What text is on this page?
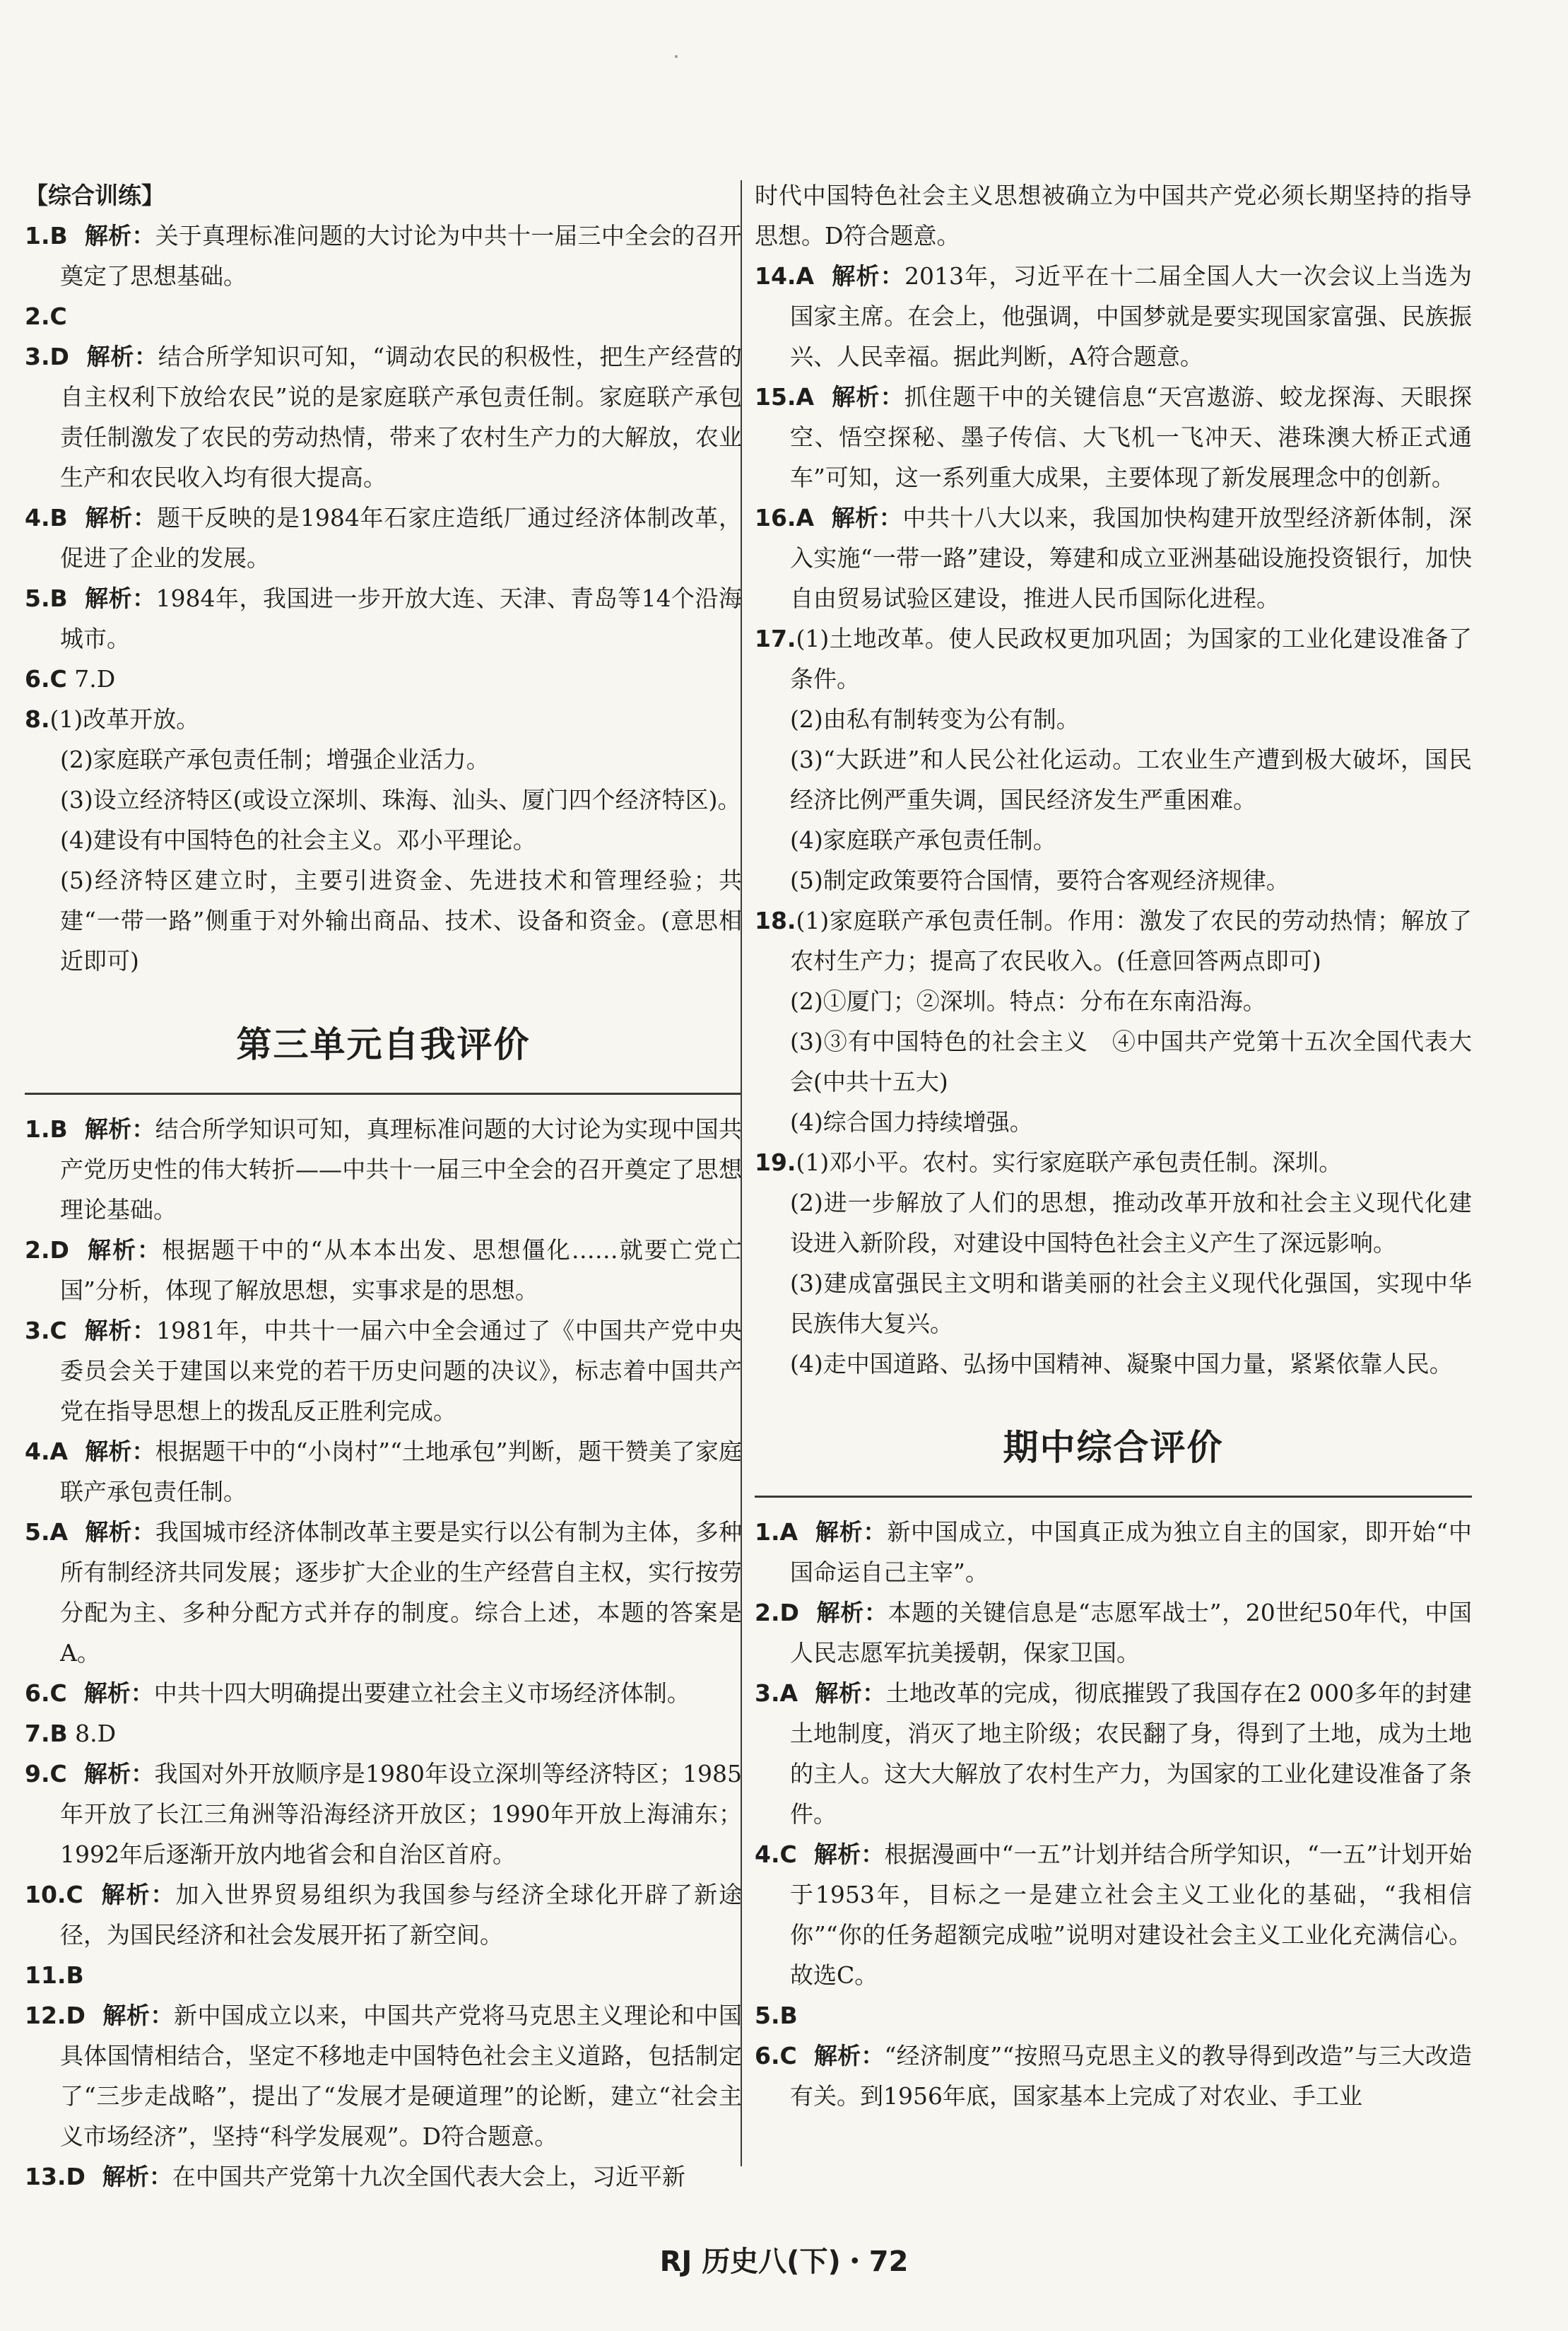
【综合训练】

1.B 解析：关于真理标准问题的大讨论为中共十一届三中全会的召开奠定了思想基础。

2.C

3.D 解析：结合所学知识可知，“调动农民的积极性，把生产经营的自主权利下放给农民”说的是家庭联产承包责任制。家庭联产承包责任制激发了农民的劳动热情，带来了农村生产力的大解放，农业生产和农民收入均有很大提高。

4.B 解析：题干反映的是1984年石家庄造纸厂通过经济体制改革，促进了企业的发展。

5.B 解析：1984年，我国进一步开放大连、天津、青岛等14个沿海城市。

6.C 7.D

8.(1)改革开放。

(2)家庭联产承包责任制；增强企业活力。

(3)设立经济特区(或设立深圳、珠海、汕头、厦门四个经济特区)。

(4)建设有中国特色的社会主义。邓小平理论。

(5)经济特区建立时，主要引进资金、先进技术和管理经验；共建“一带一路”侧重于对外输出商品、技术、设备和资金。(意思相近即可)

第三单元自我评价

1.B 解析：结合所学知识可知，真理标准问题的大讨论为实现中国共产党历史性的伟大转折——中共十一届三中全会的召开奠定了思想理论基础。

2.D 解析：根据题干中的“从本本出发、思想僵化……就要亡党亡国”分析，体现了解放思想，实事求是的思想。

3.C 解析：1981年，中共十一届六中全会通过了《中国共产党中央委员会关于建国以来党的若干历史问题的决议》，标志着中国共产党在指导思想上的拨乱反正胜利完成。

4.A 解析：根据题干中的“小岗村”“土地承包”判断，题干赞美了家庭联产承包责任制。

5.A 解析：我国城市经济体制改革主要是实行以公有制为主体，多种所有制经济共同发展；逐步扩大企业的生产经营自主权，实行按劳分配为主、多种分配方式并存的制度。综合上述，本题的答案是A。

6.C 解析：中共十四大明确提出要建立社会主义市场经济体制。

7.B 8.D

9.C 解析：我国对外开放顺序是1980年设立深圳等经济特区；1985年开放了长江三角洲等沿海经济开放区；1990年开放上海浦东；1992年后逐渐开放内地省会和自治区首府。

10.C 解析：加入世界贸易组织为我国参与经济全球化开辟了新途径，为国民经济和社会发展开拓了新空间。

11.B

12.D 解析：新中国成立以来，中国共产党将马克思主义理论和中国具体国情相结合，坚定不移地走中国特色社会主义道路，包括制定了“三步走战略”，提出了“发展才是硬道理”的论断，建立“社会主义市场经济”，坚持“科学发展观”。D符合题意。

13.D 解析：在中国共产党第十九次全国代表大会上，习近平新

时代中国特色社会主义思想被确立为中国共产党必须长期坚持的指导思想。D符合题意。

14.A 解析：2013年，习近平在十二届全国人大一次会议上当选为国家主席。在会上，他强调，中国梦就是要实现国家富强、民族振兴、人民幸福。据此判断，A符合题意。

15.A 解析：抓住题干中的关键信息“天宫遨游、蛟龙探海、天眼探空、悟空探秘、墨子传信、大飞机一飞冲天、港珠澳大桥正式通车”可知，这一系列重大成果，主要体现了新发展理念中的创新。

16.A 解析：中共十八大以来，我国加快构建开放型经济新体制，深入实施“一带一路”建设，筹建和成立亚洲基础设施投资银行，加快自由贸易试验区建设，推进人民币国际化进程。

17.(1)土地改革。使人民政权更加巩固；为国家的工业化建设准备了条件。

(2)由私有制转变为公有制。

(3)“大跃进”和人民公社化运动。工农业生产遭到极大破坏，国民经济比例严重失调，国民经济发生严重困难。

(4)家庭联产承包责任制。

(5)制定政策要符合国情，要符合客观经济规律。

18.(1)家庭联产承包责任制。作用：激发了农民的劳动热情；解放了农村生产力；提高了农民收入。(任意回答两点即可)

(2)①厦门；②深圳。特点：分布在东南沿海。

(3)③有中国特色的社会主义　④中国共产党第十五次全国代表大会(中共十五大)

(4)综合国力持续增强。

19.(1)邓小平。农村。实行家庭联产承包责任制。深圳。

(2)进一步解放了人们的思想，推动改革开放和社会主义现代化建设进入新阶段，对建设中国特色社会主义产生了深远影响。

(3)建成富强民主文明和谐美丽的社会主义现代化强国，实现中华民族伟大复兴。

(4)走中国道路、弘扬中国精神、凝聚中国力量，紧紧依靠人民。

期中综合评价

1.A 解析：新中国成立，中国真正成为独立自主的国家，即开始“中国命运自己主宰”。

2.D 解析：本题的关键信息是“志愿军战士”，20世纪50年代，中国人民志愿军抗美援朝，保家卫国。

3.A 解析：土地改革的完成，彻底摧毁了我国存在2 000多年的封建土地制度，消灭了地主阶级；农民翻了身，得到了土地，成为土地的主人。这大大解放了农村生产力，为国家的工业化建设准备了条件。

4.C 解析：根据漫画中“一五”计划并结合所学知识，“一五”计划开始于1953年，目标之一是建立社会主义工业化的基础，“我相信你”“你的任务超额完成啦”说明对建设社会主义工业化充满信心。故选C。

5.B

6.C 解析：“经济制度”“按照马克思主义的教导得到改造”与三大改造有关。到1956年底，国家基本上完成了对农业、手工业

RJ 历史八(下)・72
